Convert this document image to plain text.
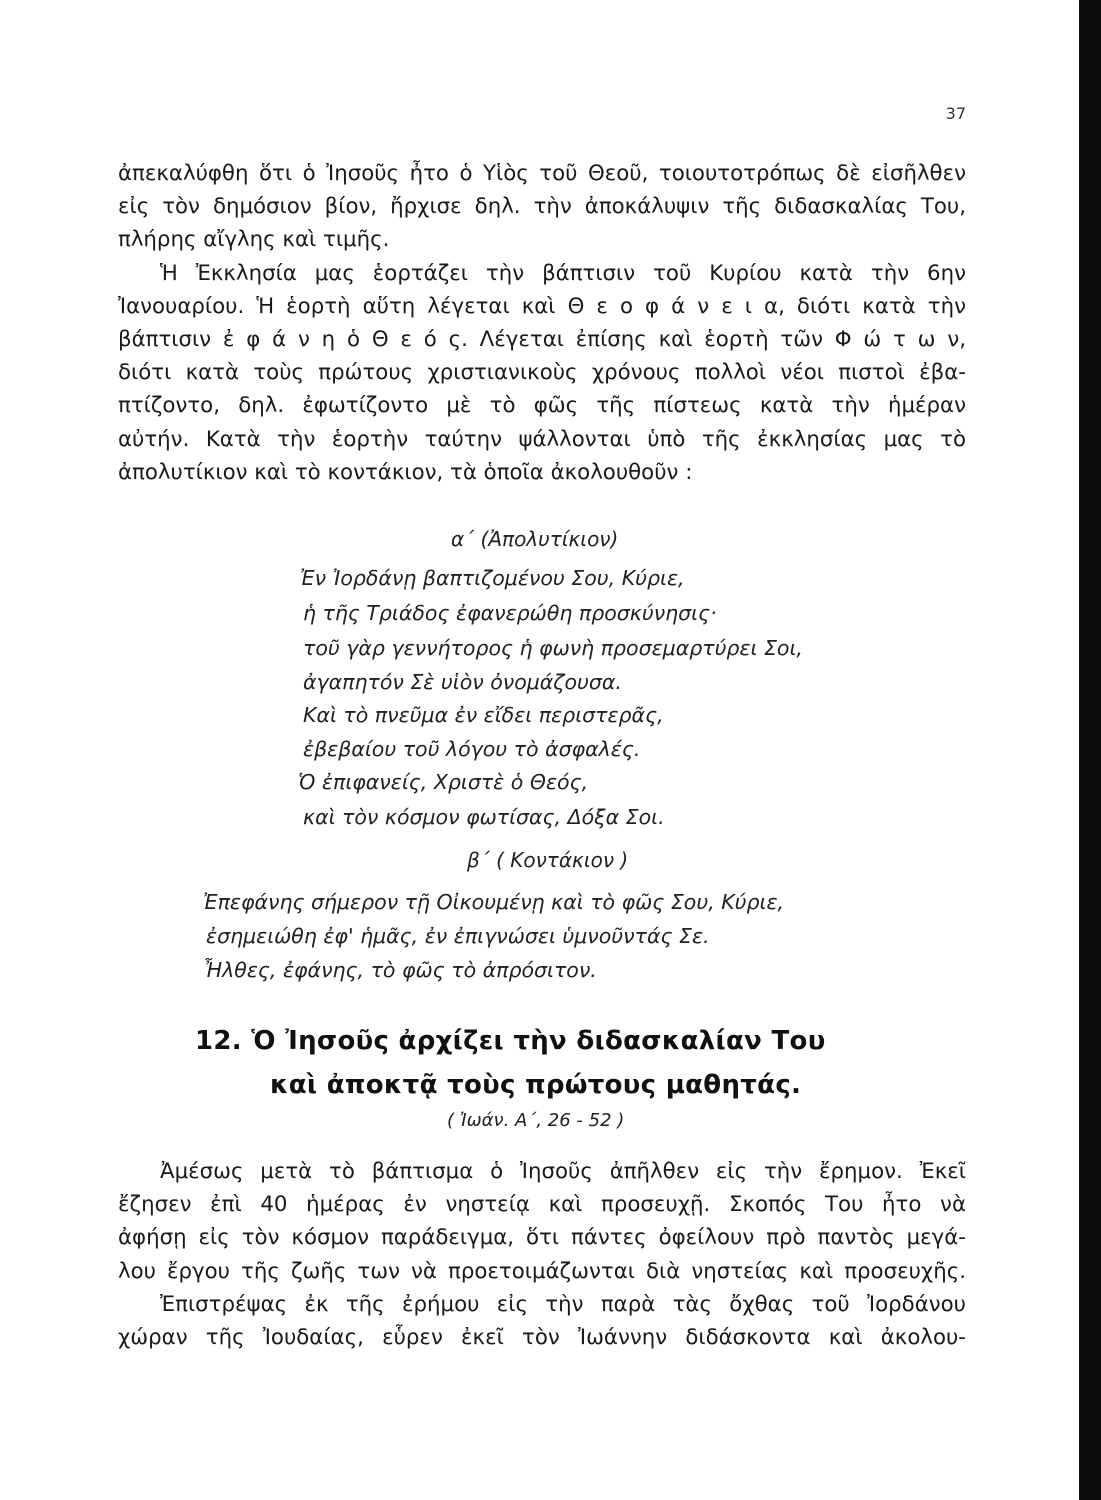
37
ἀπεκαλύφθη ὅτι ὁ Ἰησοῦς ἦτο ὁ Υἱὸς τοῦ Θεοῦ, τοιουτοτρόπως δὲ εἰσῆλθεν
εἰς τὸν δημόσιον βίον, ἤρχισε δηλ. τὴν ἀποκάλυψιν τῆς διδασκαλίας Του,
πλήρης αἴγλης καὶ τιμῆς.
Ἡ Ἐκκλησία μας ἑορτάζει τὴν βάπτισιν τοῦ Κυρίου κατὰ τὴν 6ην
Ἰανουαρίου. Ἡ ἑορτὴ αὕτη λέγεται καὶ Θ ε ο φ ά ν ε ι α, διότι κατὰ τὴν
βάπτισιν ἐ φ ά ν η ὁ Θ ε ό ς. Λέγεται ἐπίσης καὶ ἑορτὴ τῶν Φ ώ τ ω ν,
διότι κατὰ τοὺς πρώτους χριστιανικοὺς χρόνους πολλοὶ νέοι πιστοὶ ἐβα-
πτίζοντο, δηλ. ἐφωτίζοντο μὲ τὸ φῶς τῆς πίστεως κατὰ τὴν ἡμέραν
αὐτήν. Κατὰ τὴν ἑορτὴν ταύτην ψάλλονται ὑπὸ τῆς ἐκκλησίας μας τὸ
ἀπολυτίκιον καὶ τὸ κοντάκιον, τὰ ὁποῖα ἀκολουθοῦν :
α΄ (Ἀπολυτίκιον)
Ἐν Ἰορδάνῃ βαπτιζομένου Σου, Κύριε,
ἡ τῆς Τριάδος ἐφανερώθη προσκύνησις·
τοῦ γὰρ γεννήτορος ἡ φωνὴ προσεμαρτύρει Σοι,
ἀγαπητόν Σὲ υἱὸν ὀνομάζουσα.
Καὶ τὸ πνεῦμα ἐν εἴδει περιστερᾶς,
ἐβεβαίου τοῦ λόγου τὸ ἀσφαλές.
Ὁ ἐπιφανείς, Χριστὲ ὁ Θεός,
καὶ τὸν κόσμον φωτίσας, Δόξα Σοι.
β΄ ( Κοντάκιον )
Ἐπεφάνης σήμερον τῇ Οἰκουμένῃ καὶ τὸ φῶς Σου, Κύριε,
ἐσημειώθη ἐφ' ἡμᾶς, ἐν ἐπιγνώσει ὑμνοῦντάς Σε.
Ἦλθες, ἐφάνης, τὸ φῶς τὸ ἀπρόσιτον.
12. Ὁ Ἰησοῦς ἀρχίζει τὴν διδασκαλίαν Του
καὶ ἀποκτᾷ τοὺς πρώτους μαθητάς.
( Ἰωάν. Α΄, 26 - 52 )
Ἀμέσως μετὰ τὸ βάπτισμα ὁ Ἰησοῦς ἀπῆλθεν εἰς τὴν ἔρημον. Ἐκεῖ
ἔζησεν ἐπὶ 40 ἡμέρας ἐν νηστείᾳ καὶ προσευχῇ. Σκοπός Του ἦτο νὰ
ἀφήσῃ εἰς τὸν κόσμον παράδειγμα, ὅτι πάντες ὀφείλουν πρὸ παντὸς μεγά-
λου ἔργου τῆς ζωῆς των νὰ προετοιμάζωνται διὰ νηστείας καὶ προσευχῆς.
Ἐπιστρέψας ἐκ τῆς ἐρήμου εἰς τὴν παρὰ τὰς ὄχθας τοῦ Ἰορδάνου
χώραν τῆς Ἰουδαίας, εὗρεν ἐκεῖ τὸν Ἰωάννην διδάσκοντα καὶ ἀκολου-
